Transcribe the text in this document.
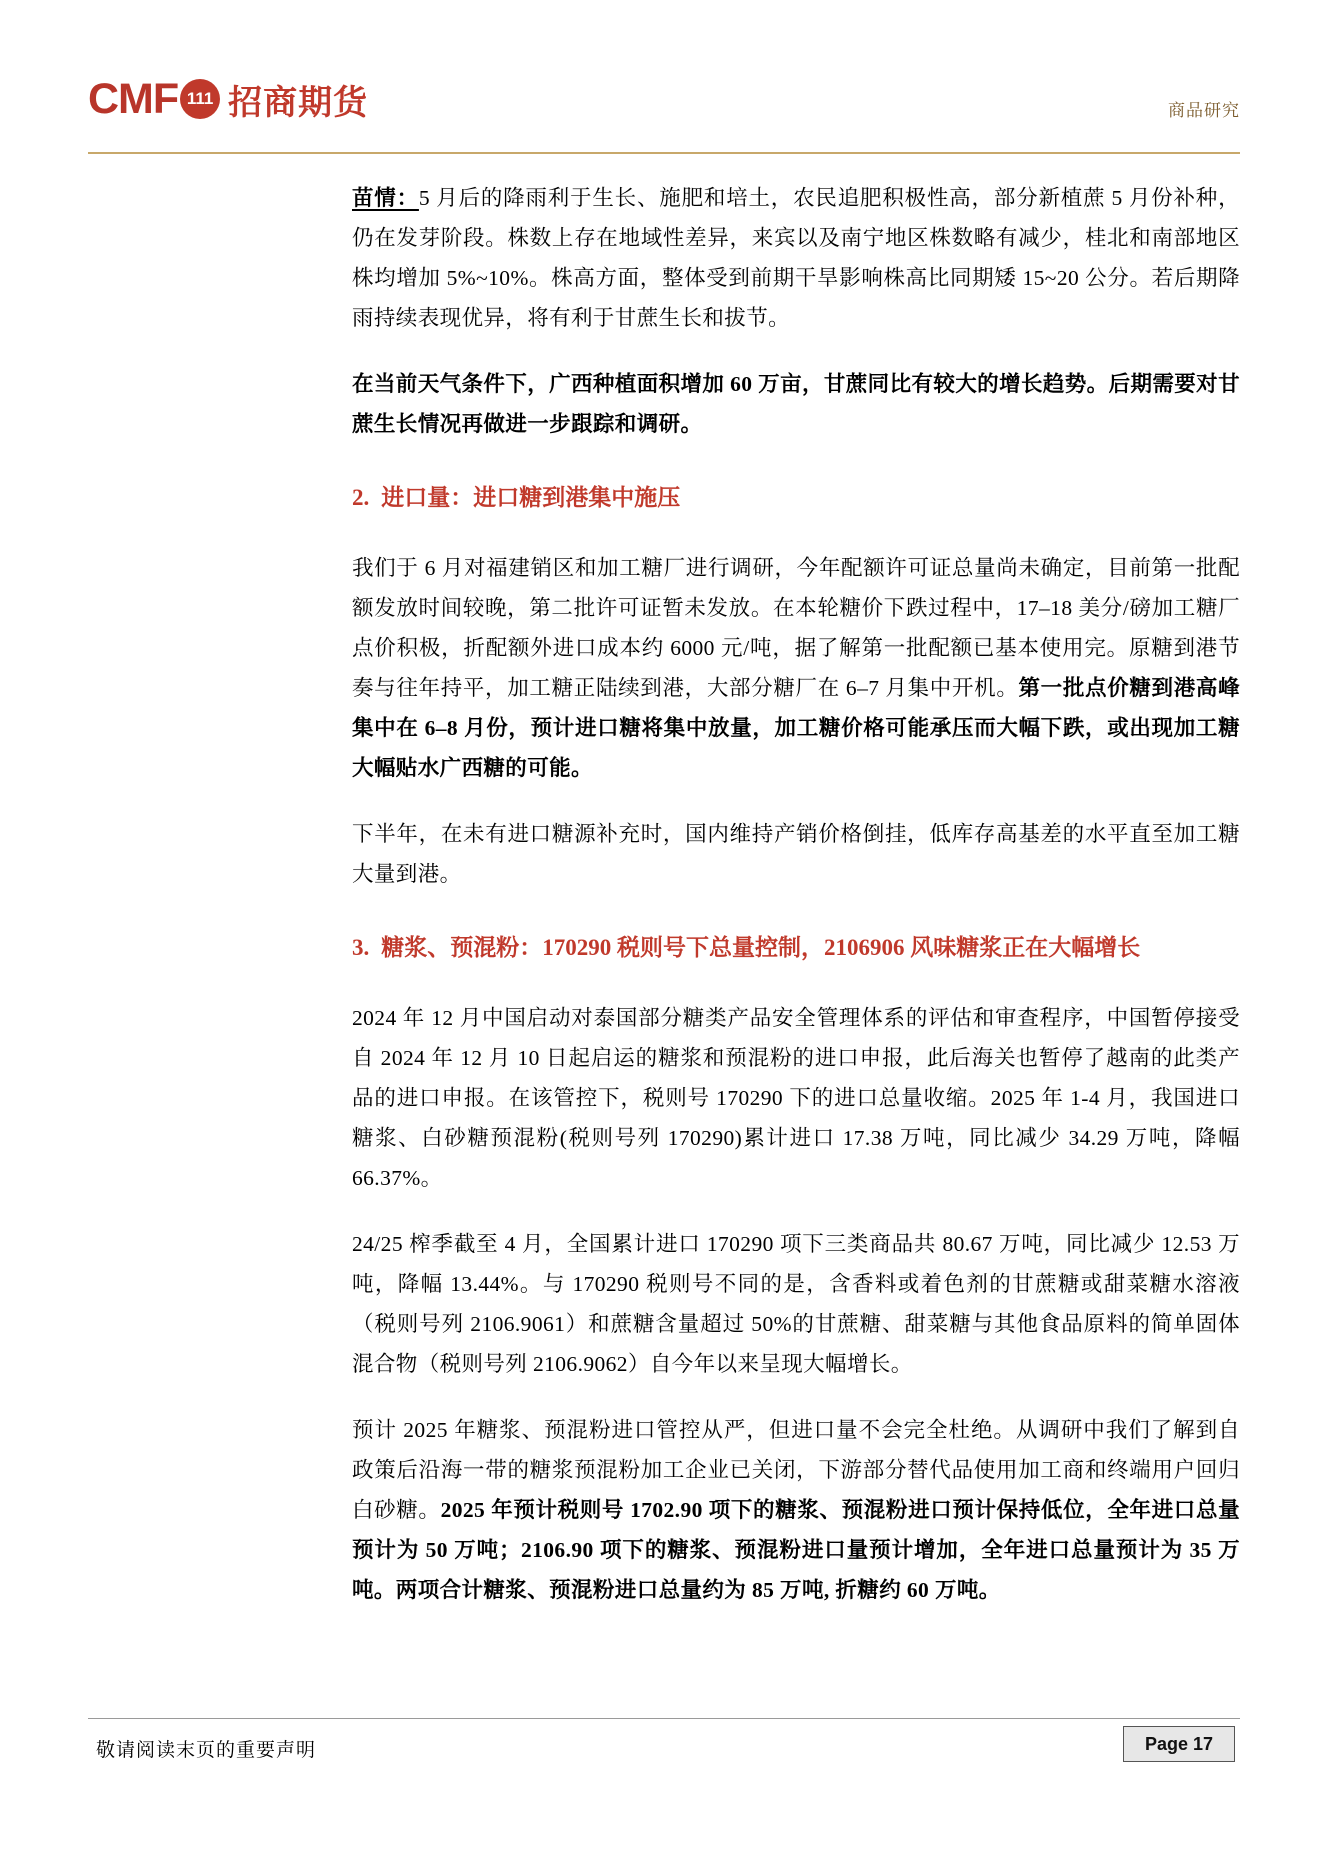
CMF 111 招商期货	商品研究

苗情：5 月后的降雨利于生长、施肥和培土，农民追肥积极性高，部分新植蔗 5 月份补种，仍在发芽阶段。株数上存在地域性差异，来宾以及南宁地区株数略有减少，桂北和南部地区株均增加 5%~10%。株高方面，整体受到前期干旱影响株高比同期矮 15~20 公分。若后期降雨持续表现优异，将有利于甘蔗生长和拔节。

在当前天气条件下，广西种植面积增加 60 万亩，甘蔗同比有较大的增长趋势。后期需要对甘蔗生长情况再做进一步跟踪和调研。

2. 进口量：进口糖到港集中施压

我们于 6 月对福建销区和加工糖厂进行调研，今年配额许可证总量尚未确定，目前第一批配额发放时间较晚，第二批许可证暂未发放。在本轮糖价下跌过程中，17–18 美分/磅加工糖厂点价积极，折配额外进口成本约 6000 元/吨，据了解第一批配额已基本使用完。原糖到港节奏与往年持平，加工糖正陆续到港，大部分糖厂在 6–7 月集中开机。第一批点价糖到港高峰集中在 6–8 月份，预计进口糖将集中放量，加工糖价格可能承压而大幅下跌，或出现加工糖大幅贴水广西糖的可能。

下半年，在未有进口糖源补充时，国内维持产销价格倒挂，低库存高基差的水平直至加工糖大量到港。

3. 糖浆、预混粉：170290 税则号下总量控制，2106906 风味糖浆正在大幅增长

2024 年 12 月中国启动对泰国部分糖类产品安全管理体系的评估和审查程序，中国暂停接受自 2024 年 12 月 10 日起启运的糖浆和预混粉的进口申报，此后海关也暂停了越南的此类产品的进口申报。在该管控下，税则号 170290 下的进口总量收缩。2025 年 1-4 月，我国进口糖浆、白砂糖预混粉(税则号列 170290)累计进口 17.38 万吨，同比减少 34.29 万吨，降幅 66.37%。

24/25 榨季截至 4 月，全国累计进口 170290 项下三类商品共 80.67 万吨，同比减少 12.53 万吨，降幅 13.44%。与 170290 税则号不同的是，含香料或着色剂的甘蔗糖或甜菜糖水溶液（税则号列 2106.9061）和蔗糖含量超过 50%的甘蔗糖、甜菜糖与其他食品原料的简单固体混合物（税则号列 2106.9062）自今年以来呈现大幅增长。

预计 2025 年糖浆、预混粉进口管控从严，但进口量不会完全杜绝。从调研中我们了解到自政策后沿海一带的糖浆预混粉加工企业已关闭，下游部分替代品使用加工商和终端用户回归白砂糖。2025 年预计税则号 1702.90 项下的糖浆、预混粉进口预计保持低位，全年进口总量预计为 50 万吨；2106.90 项下的糖浆、预混粉进口量预计增加，全年进口总量预计为 35 万吨。两项合计糖浆、预混粉进口总量约为 85 万吨, 折糖约 60 万吨。

敬请阅读末页的重要声明	Page 17
